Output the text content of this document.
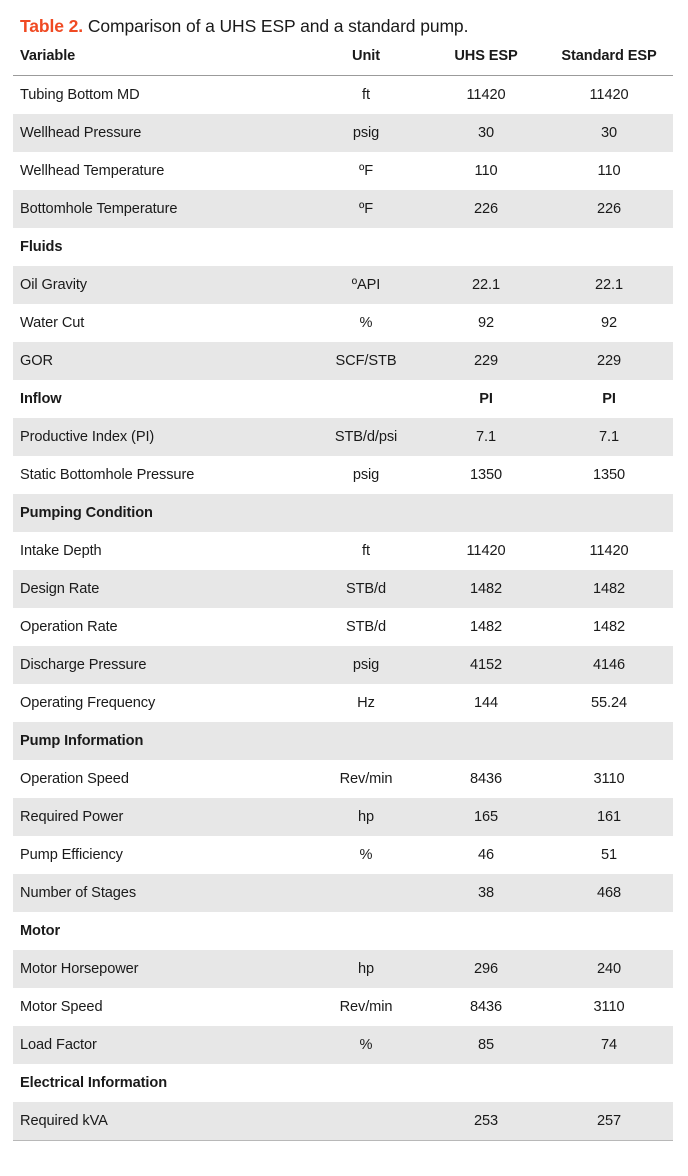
Table 2. Comparison of a UHS ESP and a standard pump.
Variable	Unit	UHS ESP	Standard ESP
Tubing Bottom MD	ft	11420	11420
Wellhead Pressure	psig	30	30
Wellhead Temperature	ºF	110	110
Bottomhole Temperature	ºF	226	226
Fluids			
Oil Gravity	ºAPI	22.1	22.1
Water Cut	%	92	92
GOR	SCF/STB	229	229
Inflow		PI	PI
Productive Index (PI)	STB/d/psi	7.1	7.1
Static Bottomhole Pressure	psig	1350	1350
Pumping Condition			
Intake Depth	ft	11420	11420
Design Rate	STB/d	1482	1482
Operation Rate	STB/d	1482	1482
Discharge Pressure	psig	4152	4146
Operating Frequency	Hz	144	55.24
Pump Information			
Operation Speed	Rev/min	8436	3110
Required Power	hp	165	161
Pump Efficiency	%	46	51
Number of Stages		38	468
Motor			
Motor Horsepower	hp	296	240
Motor Speed	Rev/min	8436	3110
Load Factor	%	85	74
Electrical Information			
Required kVA		253	257
